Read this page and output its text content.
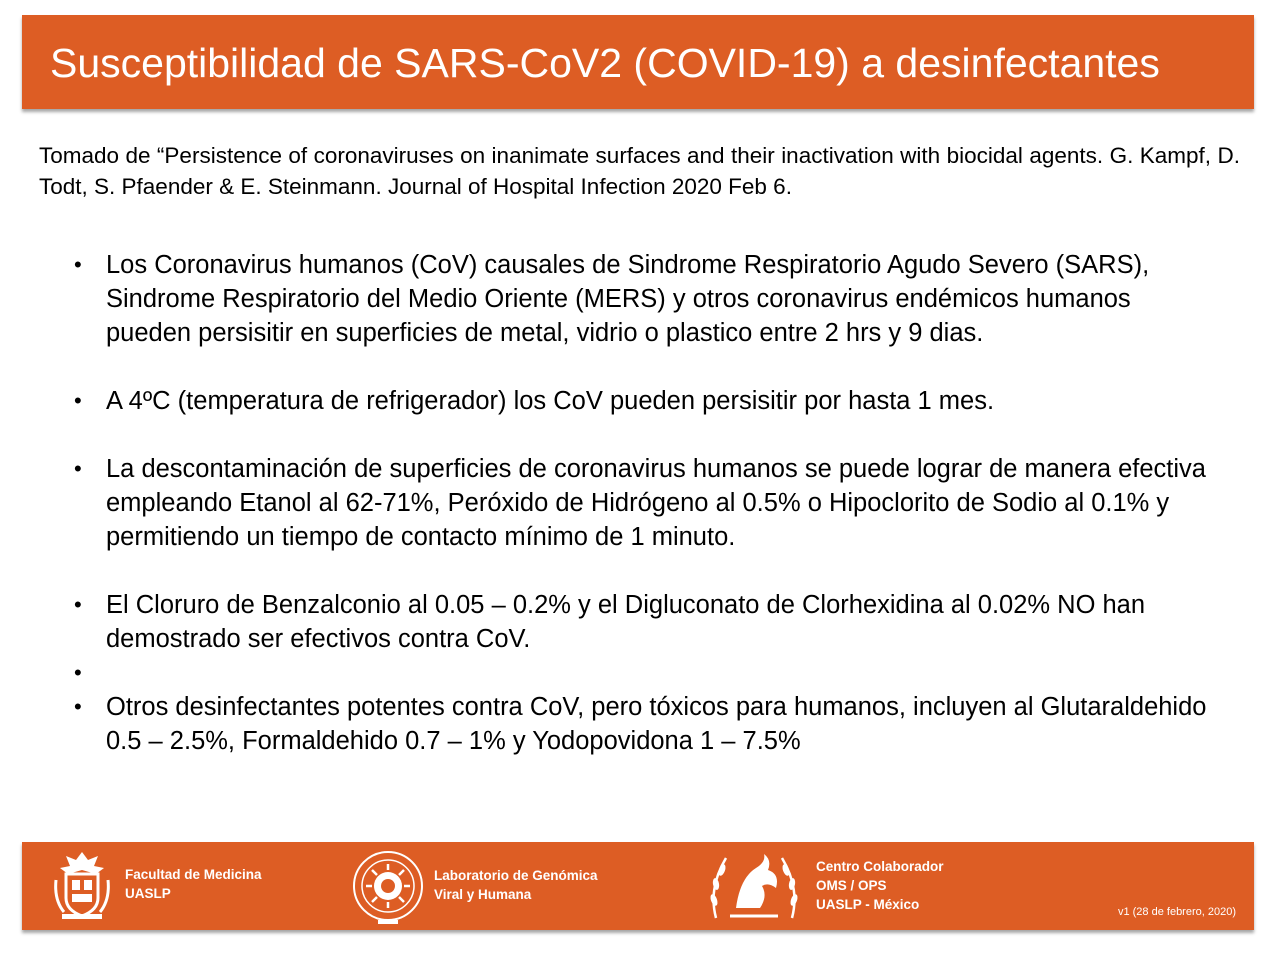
Susceptibilidad de SARS-CoV2 (COVID-19) a desinfectantes
Tomado de “Persistence of coronaviruses on inanimate surfaces and their inactivation with biocidal agents. G. Kampf, D. Todt, S. Pfaender & E. Steinmann. Journal of Hospital Infection 2020 Feb 6.
• Los Coronavirus humanos (CoV) causales de Sindrome Respiratorio Agudo Severo (SARS), Sindrome Respiratorio del Medio Oriente (MERS) y otros coronavirus endémicos humanos pueden persisitir en superficies de metal, vidrio o plastico entre 2 hrs y 9 dias.
• A 4ºC (temperatura de refrigerador) los CoV pueden persisitir por hasta 1 mes.
• La descontaminación de superficies de coronavirus humanos se puede lograr de manera efectiva empleando Etanol al 62-71%, Peróxido de Hidrógeno al 0.5% o Hipoclorito de Sodio al 0.1% y permitiendo un tiempo de contacto mínimo de 1 minuto.
• El Cloruro de Benzalconio al 0.05 – 0.2% y el Digluconato de Clorhexidina al 0.02% NO han demostrado ser efectivos contra CoV.
•
• Otros desinfectantes potentes contra CoV, pero tóxicos para humanos, incluyen al Glutaraldehido 0.5 – 2.5%, Formaldehido 0.7 – 1% y Yodopovidona 1 – 7.5%
Facultad de Medicina
UASLP
Laboratorio de Genómica
Viral y Humana
Centro Colaborador
OMS / OPS
UASLP - México	v1 (28 de febrero, 2020)
